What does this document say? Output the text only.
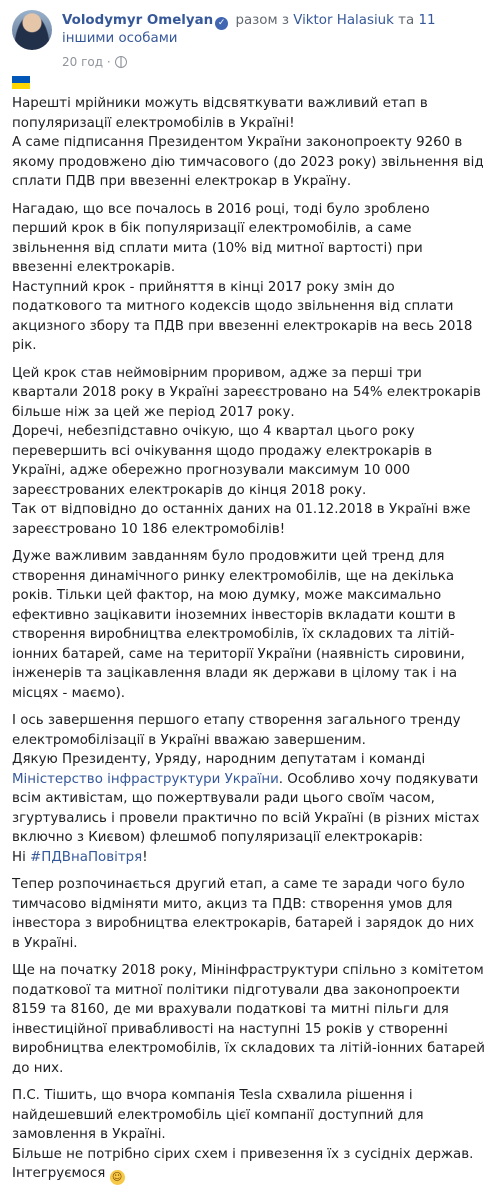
Volodymyr Omelyan ✓ разом з Viktor Halasiuk та 11 іншими особами
20 год ·

Нарешті мрійники можуть відсвяткувати важливий етап в популяризації електромобілів в Україні!
А саме підписання Президентом України законопроекту 9260 в якому продовжено дію тимчасового (до 2023 року) звільнення від сплати ПДВ при ввезенні електрокар в Україну.

Нагадаю, що все почалось в 2016 році, тоді було зроблено перший крок в бік популяризації електромобілів, а саме звільнення від сплати мита (10% від митної вартості) при ввезенні електрокарів.
Наступний крок - прийняття в кінці 2017 року змін до податкового та митного кодексів щодо звільнення від сплати акцизного збору та ПДВ при ввезенні електрокарів на весь 2018 рік.

Цей крок став неймовірним проривом, адже за перші три квартали 2018 року в Україні зареєстровано на 54% електрокарів більше ніж за цей же період 2017 року.
Доречі, небезпідставно очікую, що 4 квартал цього року перевершить всі очікування щодо продажу електрокарів в Україні, адже обережно прогнозували максимум 10 000 зареєстрованих електрокарів до кінця 2018 року.
Так от відповідно до останніх даних на 01.12.2018 в Україні вже зареєстровано 10 186 електромобілів!

Дуже важливим завданням було продовжити цей тренд для створення динамічного ринку електромобілів, ще на декілька років. Тільки цей фактор, на мою думку, може максимально ефективно зацікавити іноземних інвесторів вкладати кошти в створення виробництва електромобілів, їх складових та літій-іонних батарей, саме на території України (наявність сировини, інженерів та зацікавлення влади як держави в цілому так і на місцях - маємо).

І ось завершення першого етапу створення загального тренду електромобілізації в Україні вважаю завершеним.
Дякую Президенту, Уряду, народним депутатам і команді Міністерство інфраструктури України. Особливо хочу подякувати всім активістам, що пожертвували ради цього своїм часом, згуртувались і провели практично по всій Україні (в різних містах включно з Києвом) флешмоб популяризації електрокарів:
Ні #ПДВнаПовітря!

Тепер розпочинається другий етап, а саме те заради чого було тимчасово відміняти мито, акциз та ПДВ: створення умов для інвестора з виробництва електрокарів, батарей і зарядок до них в Україні.

Ще на початку 2018 року, Мінінфраструктури спільно з комітетом податкової та митної політики підготували два законопроекти 8159 та 8160, де ми врахували податкові та митні пільги для інвестиційної привабливості на наступні 15 років у створенні виробництва електромобілів, їх складових та літій-іонних батарей до них.

П.С. Тішить, що вчора компанія Tesla схвалила рішення і найдешевший електромобіль цієї компанії доступний для замовлення в Україні.
Більше не потрібно сірих схем і привезення їх з сусідніх держав.
Інтегруємося ☺
